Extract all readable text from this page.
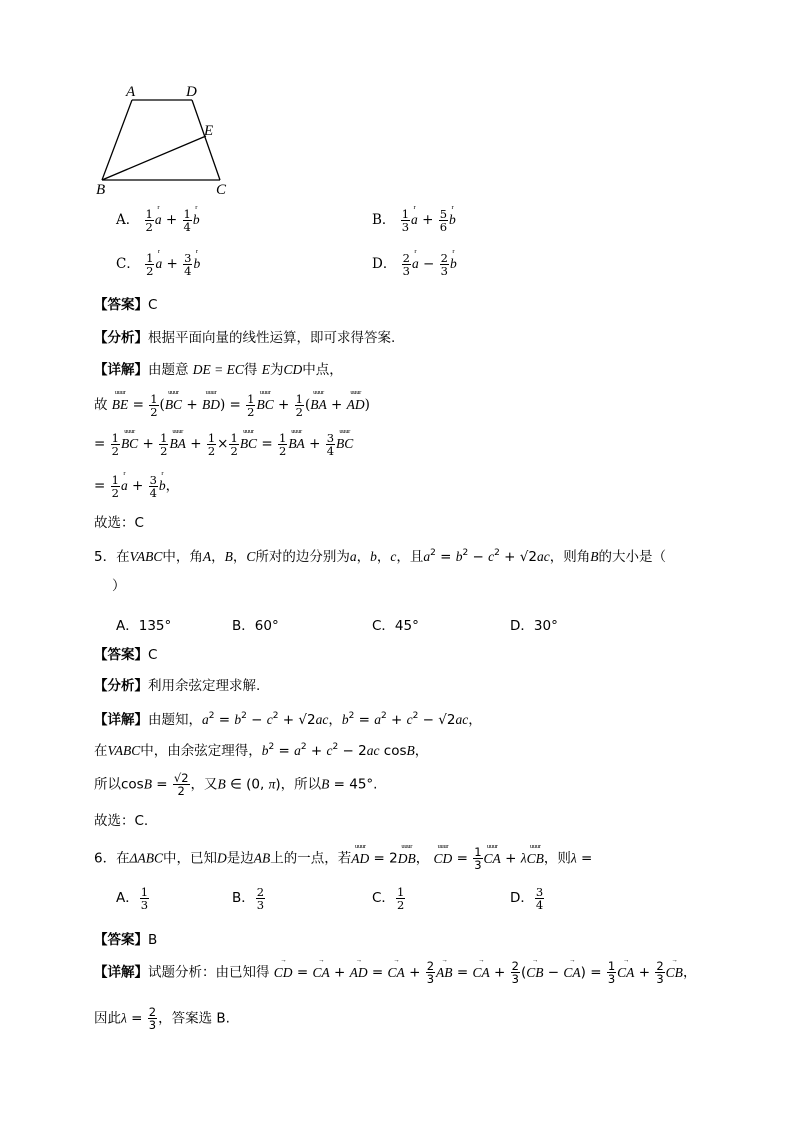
A	D
E
B	C
A． $\frac{1}{2}$
r
$a + \frac{1}{4}$
r
b	B． $\frac{1}{3}$
r
$a + \frac{5}{6}$
r
b
C． $\frac{1}{2}$
r
$a + \frac{3}{4}$
r
b	D． $\frac{2}{3}$
r
$a - \frac{2}{3}$
r
b
【答案】C
【分析】根据平面向量的线性运算，即可求得答案.
【详解】由题意 DE = EC得 E为CD中点，
故
uuur
BE = $\frac{1}{2}$ (
uuur
BC +
uuur
$BD) = \frac{1}{2}$
uuur
BC + $\frac{1}{2}$ (
uuur
BA +
uuur
AD)
= $\frac{1}{2}$
uuur
BC + $\frac{1}{2}$
uuur
BA + $\frac{1}{2} \times \frac{1}{2}$
uuur
BC = $\frac{1}{2}$
uuur
BA + $\frac{3}{4}$
uuur
BC
= $\frac{1}{2}$
r
$a + \frac{3}{4}$
r
b，
故选：C
5．在VABC中，角A，B，C所对的边分别为a，b，c，且$a^2 = b^2 - c^2 + √2ac$，则角B的大小是（
）
A．135°	B．60°	C．45°	D．30°
【答案】C
【分析】利用余弦定理求解.
【详解】由题知，$a^2 = b^2 - c^2 + √2ac$，$b^2 = a^2 + c^2 - √2ac$，
在VABC中，由余弦定理得，$b^2 = a^2 + c^2 - 2ac$ cosB，
所以$\cos B = \frac{√2}{2}$ ，又B ∈ (0, π)，所以B = 45°.
故选：C.
6．在ΔABC中，已知D是边AB上的一点，若
uuur
AD = 2
uuur
DB，
uuur
CD = $\frac{1}{3}$ uuur
CA + λ
uuur
CB，则λ =
A． $\frac{1}{3}$	B． $\frac{2}{3}$	C． $\frac{1}{2}$	D． $\frac{3}{4}$
【答案】B
【详解】试题分析：由已知得
→
CD =
→
CA +
→
AD =
→
CA + $\frac{2}{3}$ →
AB =
→
CA + $\frac{2}{3}$ (
→
CB −
→
$CA) = \frac{1}{3}$	→
CA + $\frac{2}{3}$	→
CB，
因此$\lambda = \frac{2}{3}$ ，答案选 B.
